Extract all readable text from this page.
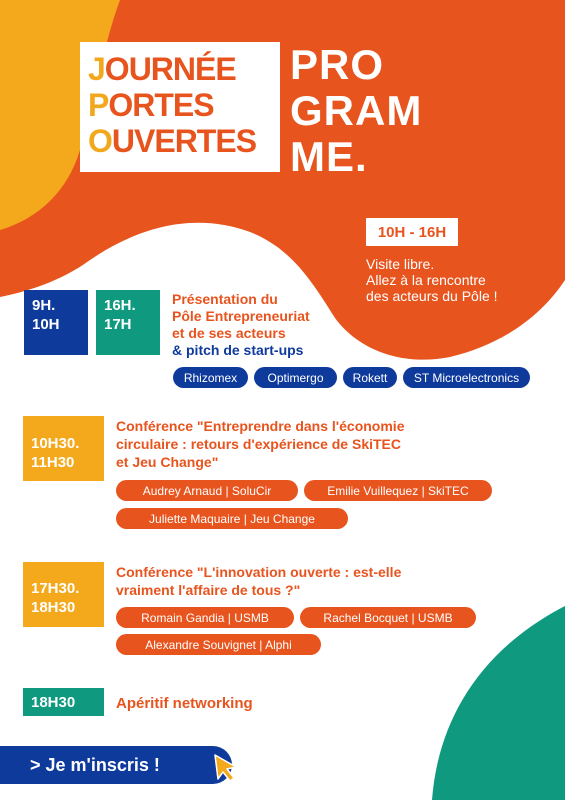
JOURNÉE
PORTES
OUVERTES
PRO
GRAM
ME.
10H - 16H
Visite libre.
Allez à la rencontre
des acteurs du Pôle !
9H.
10H
16H.
17H
Présentation du
Pôle Entrepreneuriat
et de ses acteurs
& pitch de start-ups
Rhizomex	Optimergo	Rokett	ST Microelectronics
10H30.
11H30
Conférence "Entreprendre dans l'économie
circulaire : retours d'expérience de SkiTEC
et Jeu Change"
Audrey Arnaud | SoluCir	Emilie Vuillequez | SkiTEC
Juliette Maquaire | Jeu Change
17H30.
18H30
Conférence "L'innovation ouverte : est-elle
vraiment l'affaire de tous ?"
Romain Gandia | USMB	Rachel Bocquet | USMB
Alexandre Souvignet | Alphi
18H30	Apéritif networking
> Je m'inscris !
